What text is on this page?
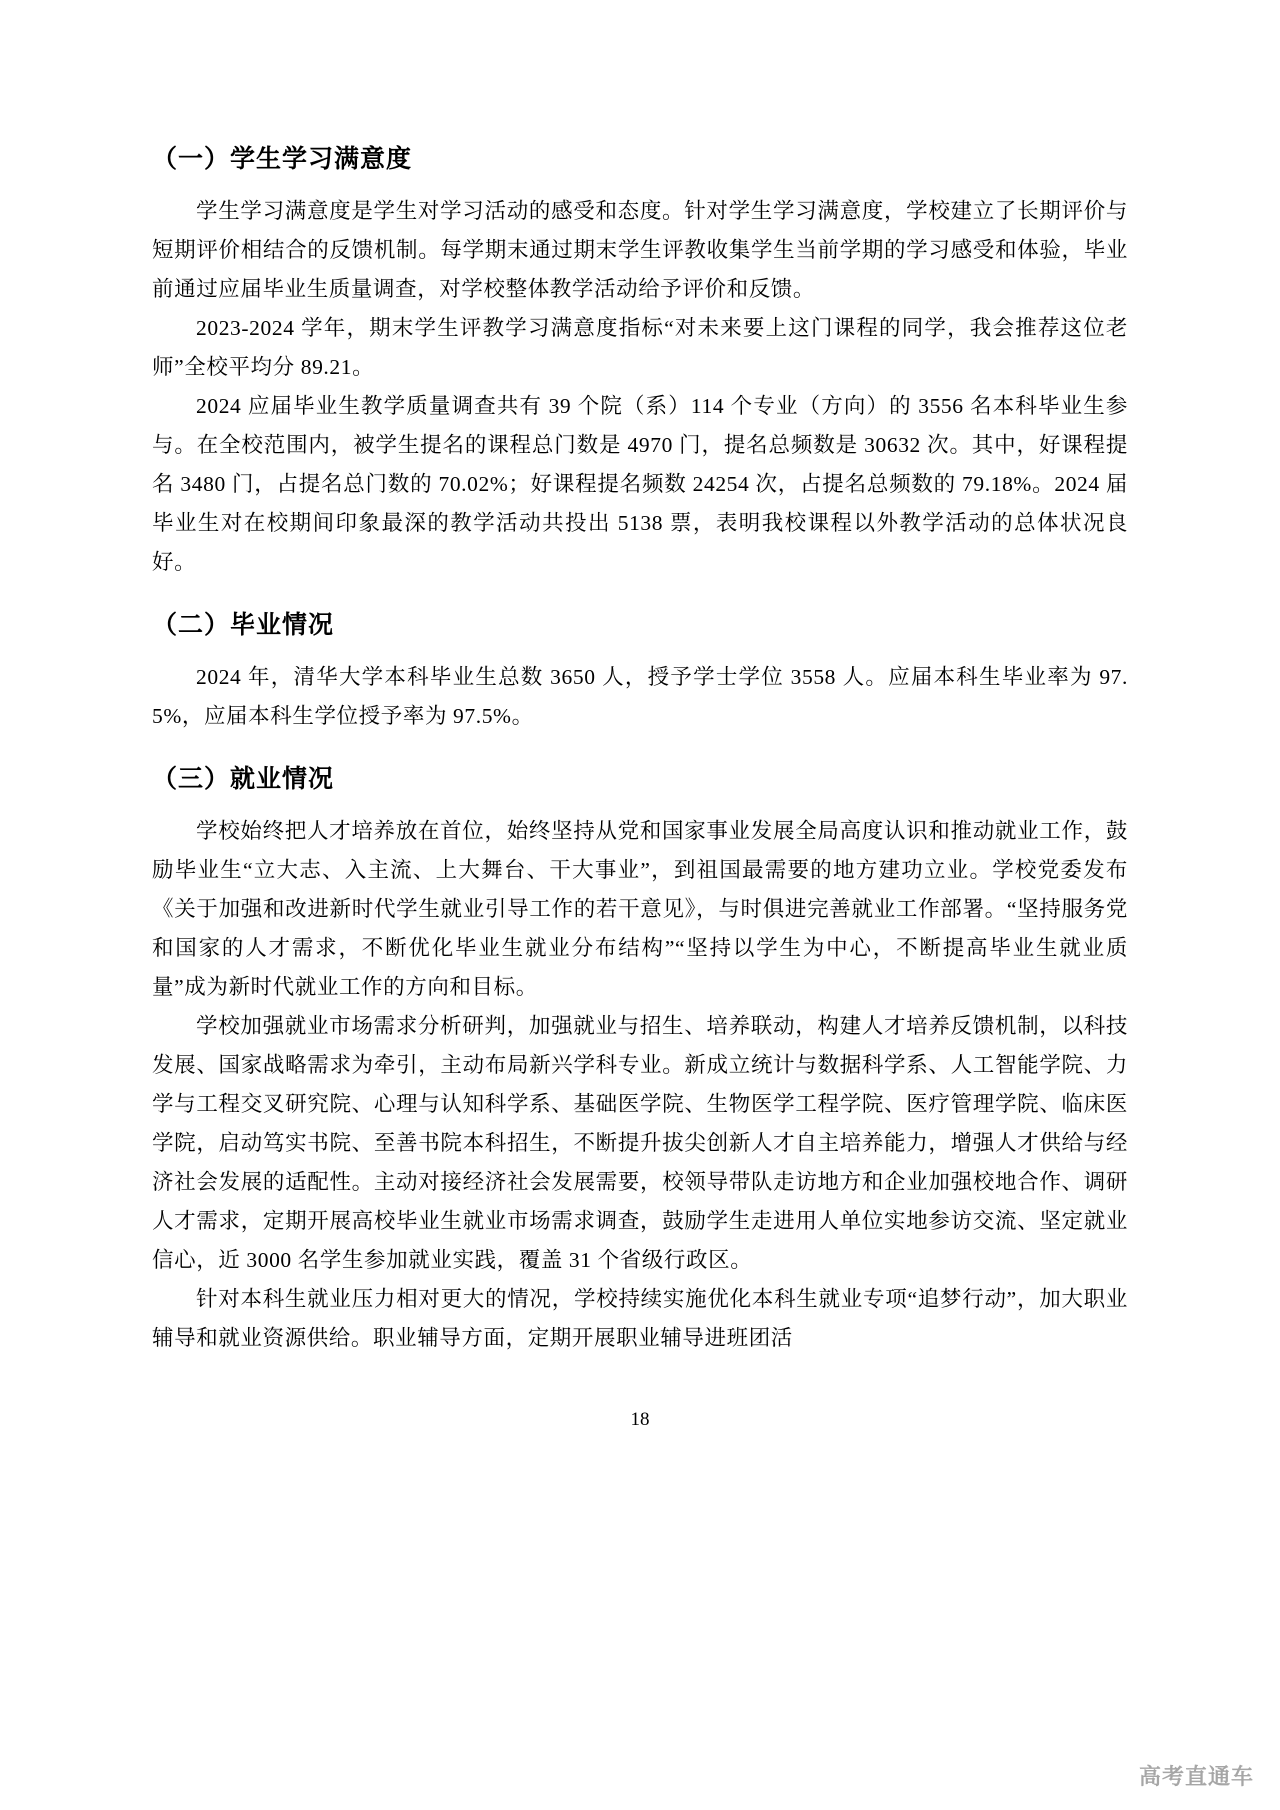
（一）学生学习满意度

学生学习满意度是学生对学习活动的感受和态度。针对学生学习满意度，学校建立了长期评价与短期评价相结合的反馈机制。每学期末通过期末学生评教收集学生当前学期的学习感受和体验，毕业前通过应届毕业生质量调查，对学校整体教学活动给予评价和反馈。

2023-2024 学年，期末学生评教学习满意度指标“对未来要上这门课程的同学，我会推荐这位老师”全校平均分 89.21。

2024 应届毕业生教学质量调查共有 39 个院（系）114 个专业（方向）的 3556 名本科毕业生参与。在全校范围内，被学生提名的课程总门数是 4970 门，提名总频数是 30632 次。其中，好课程提名 3480 门，占提名总门数的 70.02%；好课程提名频数 24254 次，占提名总频数的 79.18%。2024 届毕业生对在校期间印象最深的教学活动共投出 5138 票，表明我校课程以外教学活动的总体状况良好。

（二）毕业情况

2024 年，清华大学本科毕业生总数 3650 人，授予学士学位 3558 人。应届本科生毕业率为 97.5%，应届本科生学位授予率为 97.5%。

（三）就业情况

学校始终把人才培养放在首位，始终坚持从党和国家事业发展全局高度认识和推动就业工作，鼓励毕业生“立大志、入主流、上大舞台、干大事业”，到祖国最需要的地方建功立业。学校党委发布《关于加强和改进新时代学生就业引导工作的若干意见》，与时俱进完善就业工作部署。“坚持服务党和国家的人才需求，不断优化毕业生就业分布结构”“坚持以学生为中心，不断提高毕业生就业质量”成为新时代就业工作的方向和目标。

学校加强就业市场需求分析研判，加强就业与招生、培养联动，构建人才培养反馈机制，以科技发展、国家战略需求为牵引，主动布局新兴学科专业。新成立统计与数据科学系、人工智能学院、力学与工程交叉研究院、心理与认知科学系、基础医学院、生物医学工程学院、医疗管理学院、临床医学院，启动笃实书院、至善书院本科招生，不断提升拔尖创新人才自主培养能力，增强人才供给与经济社会发展的适配性。主动对接经济社会发展需要，校领导带队走访地方和企业加强校地合作、调研人才需求，定期开展高校毕业生就业市场需求调查，鼓励学生走进用人单位实地参访交流、坚定就业信心，近 3000 名学生参加就业实践，覆盖 31 个省级行政区。

针对本科生就业压力相对更大的情况，学校持续实施优化本科生就业专项“追梦行动”，加大职业辅导和就业资源供给。职业辅导方面，定期开展职业辅导进班团活

18
高考直通车
